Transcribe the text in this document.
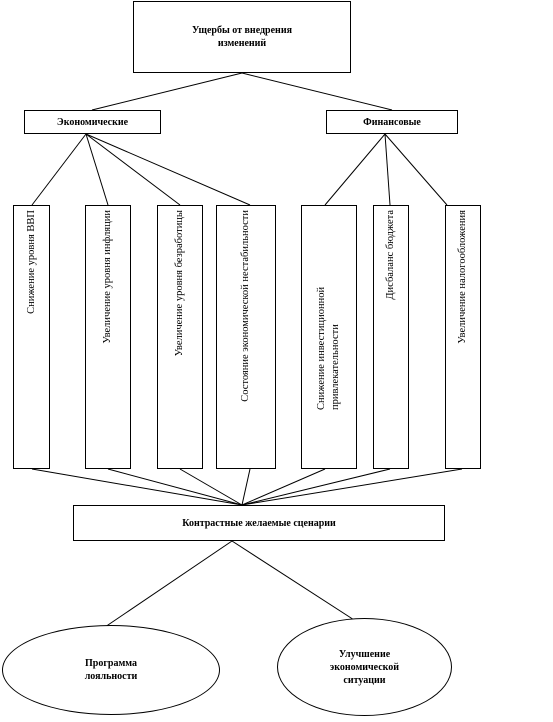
Ущербы от внедрения изменений
Экономические	Финансовые
Снижение уровня ВВП	Увеличение уровня инфляции	Увеличение уровня безработицы	Состояние экономической нестабильности	Снижение инвестиционной привлекательности
Дисбаланс бюджета	Увеличение налогообложения
Контрастные желаемые сценарии
Программа лояльности
Улучшение экономической ситуации
